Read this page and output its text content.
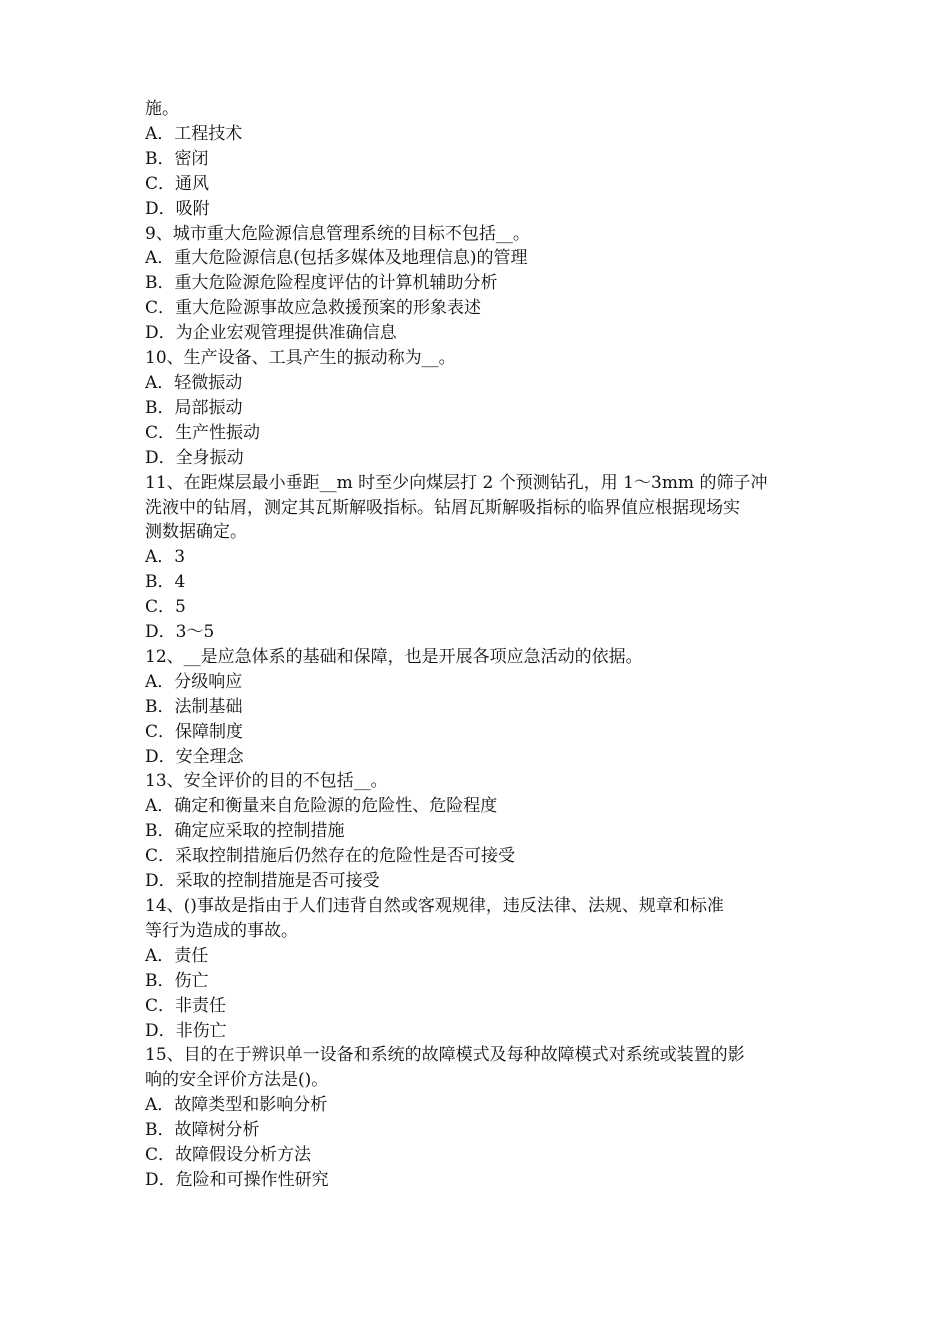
施。
A．工程技术
B．密闭
C．通风
D．吸附
9、城市重大危险源信息管理系统的目标不包括__。
A．重大危险源信息(包括多媒体及地理信息)的管理
B．重大危险源危险程度评估的计算机辅助分析
C．重大危险源事故应急救援预案的形象表述
D．为企业宏观管理提供准确信息
10、生产设备、工具产生的振动称为__。
A．轻微振动
B．局部振动
C．生产性振动
D．全身振动
11、在距煤层最小垂距__m 时至少向煤层打 2 个预测钻孔，用 1～3mm 的筛子冲
洗液中的钻屑，测定其瓦斯解吸指标。钻屑瓦斯解吸指标的临界值应根据现场实
测数据确定。
A．3
B．4
C．5
D．3～5
12、__是应急体系的基础和保障，也是开展各项应急活动的依据。
A．分级响应
B．法制基础
C．保障制度
D．安全理念
13、安全评价的目的不包括__。
A．确定和衡量来自危险源的危险性、危险程度
B．确定应采取的控制措施
C．采取控制措施后仍然存在的危险性是否可接受
D．采取的控制措施是否可接受
14、()事故是指由于人们违背自然或客观规律，违反法律、法规、规章和标准
等行为造成的事故。
A．责任
B．伤亡
C．非责任
D．非伤亡
15、目的在于辨识单一设备和系统的故障模式及每种故障模式对系统或装置的影
响的安全评价方法是()。
A．故障类型和影响分析
B．故障树分析
C．故障假设分析方法
D．危险和可操作性研究
